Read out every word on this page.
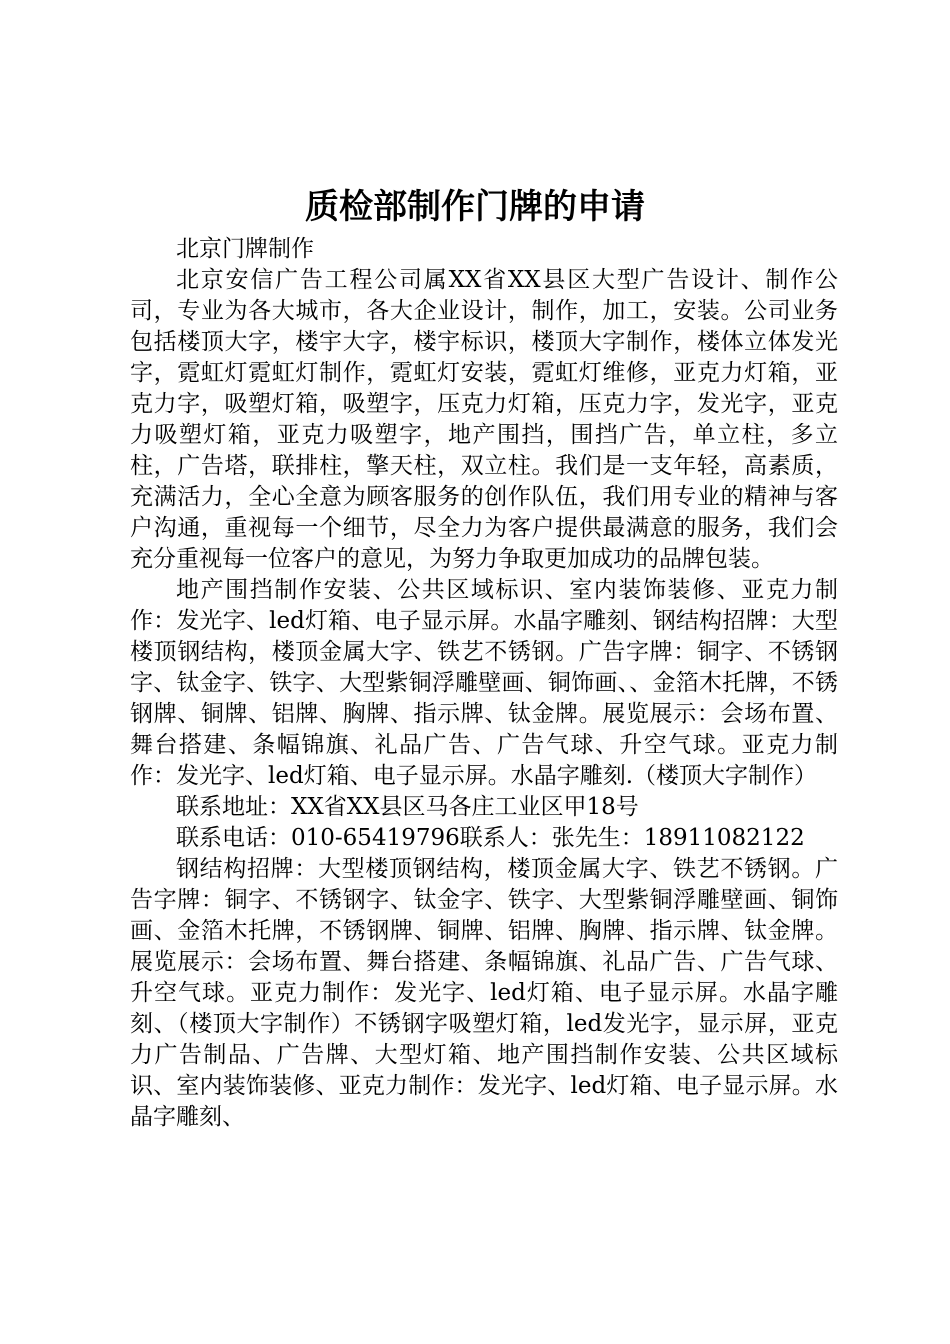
质检部制作门牌的申请

北京门牌制作

北京安信广告工程公司属XX省XX县区大型广告设计、制作公司，专业为各大城市，各大企业设计，制作，加工，安装。公司业务包括楼顶大字，楼宇大字，楼宇标识，楼顶大字制作，楼体立体发光字，霓虹灯霓虹灯制作，霓虹灯安装，霓虹灯维修，亚克力灯箱，亚克力字，吸塑灯箱，吸塑字，压克力灯箱，压克力字，发光字，亚克力吸塑灯箱，亚克力吸塑字，地产围挡，围挡广告，单立柱，多立柱，广告塔，联排柱，擎天柱，双立柱。我们是一支年轻，高素质，充满活力，全心全意为顾客服务的创作队伍，我们用专业的精神与客户沟通，重视每一个细节，尽全力为客户提供最满意的服务，我们会充分重视每一位客户的意见，为努力争取更加成功的品牌包装。

地产围挡制作安装、公共区域标识、室内装饰装修、亚克力制作：发光字、led灯箱、电子显示屏。水晶字雕刻、钢结构招牌：大型楼顶钢结构，楼顶金属大字、铁艺不锈钢。广告字牌：铜字、不锈钢字、钛金字、铁字、大型紫铜浮雕壁画、铜饰画、、金箔木托牌，不锈钢牌、铜牌、铝牌、胸牌、指示牌、钛金牌。展览展示：会场布置、舞台搭建、条幅锦旗、礼品广告、广告气球、升空气球。亚克力制作：发光字、led灯箱、电子显示屏。水晶字雕刻.（楼顶大字制作）

联系地址：XX省XX县区马各庄工业区甲18号

联系电话：010-65419796联系人：张先生：18911082122

钢结构招牌：大型楼顶钢结构，楼顶金属大字、铁艺不锈钢。广告字牌：铜字、不锈钢字、钛金字、铁字、大型紫铜浮雕壁画、铜饰画、金箔木托牌，不锈钢牌、铜牌、铝牌、胸牌、指示牌、钛金牌。展览展示：会场布置、舞台搭建、条幅锦旗、礼品广告、广告气球、升空气球。亚克力制作：发光字、led灯箱、电子显示屏。水晶字雕刻、（楼顶大字制作）不锈钢字吸塑灯箱，led发光字，显示屏，亚克力广告制品、广告牌、大型灯箱、地产围挡制作安装、公共区域标识、室内装饰装修、亚克力制作：发光字、led灯箱、电子显示屏。水晶字雕刻、
